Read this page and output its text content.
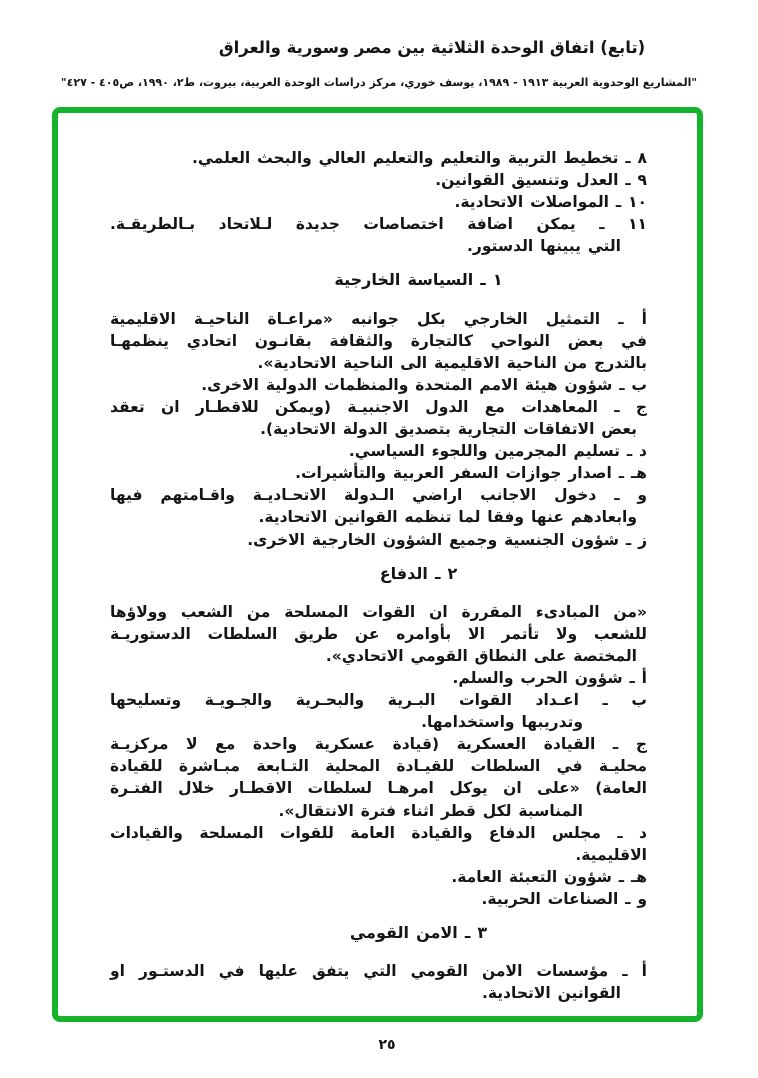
(تابع) اتفاق الوحدة الثلاثية بين مصر وسورية والعراق
"المشاريع الوحدوية العربية ١٩١٣ - ١٩٨٩، يوسف خوري، مركز دراسات الوحدة العربية، بيروت، ط٢، ١٩٩٠، ص٤٠٥ - ٤٢٧"
٨ ـ تخطيط التربية والتعليم والتعليم العالي والبحث العلمي.
٩ ـ العدل وتنسيق القوانين.
١٠ ـ المواصلات الاتحادية.
١١ ـ يمكن اضافة اختصاصات جديدة لـلاتحاد بـالطريقـة.
التي يبينها الدستور.
١ ـ السياسة الخارجية
أ ـ التمثيل الخارجي بكل جوانبه «مراعـاة الناحيـة الاقليمية
في بعض النواحي كالتجارة والثقافة بقانـون اتحادي ينظمهـا
بالتدرج من الناحية الاقليمية الى الناحية الاتحادية».
ب ـ شؤون هيئة الامم المتحدة والمنظمات الدولية الاخرى.
ج ـ المعاهدات مع الدول الاجنبيـة (ويمكن للاقطـار ان تعقد
بعض الاتفاقات التجارية بتصديق الدولة الاتحادية).
د ـ تسليم المجرمين واللجوء السياسي.
هـ ـ اصدار جوازات السفر العربية والتأشيرات.
و ـ دخول الاجانب اراضي الـدولة الاتحـاديـة واقـامتهم فيها
وابعادهم عنها وفقا لما تنظمه القوانين الاتحادية.
ز ـ شؤون الجنسية وجميع الشؤون الخارجية الاخرى.
٢ ـ الدفاع
«من المبادىء المقررة ان القوات المسلحة من الشعب وولاؤها
للشعب ولا تأتمر الا بأوامره عن طريق السلطات الدستوريـة
المختصة على النطاق القومي الاتحادي».
أ ـ شؤون الحرب والسلم.
ب ـ اعـداد القوات البـرية والبحـرية والجـويـة وتسليحها
وتدريبها واستخدامها.
ج ـ القيادة العسكرية (قيادة عسكرية واحدة مع لا مركزيـة
محليـة في السلطات للقيـادة المحلية التـابعة مبـاشرة للقيادة
العامة) «على ان يوكل امرهـا لسلطات الاقطـار خلال الفتـرة
المناسبة لكل قطر اثناء فترة الانتقال».
د ـ مجلس الدفاع والقيادة العامة للقوات المسلحة والقيادات
الاقليمية.
هـ ـ شؤون التعبئة العامة.
و ـ الصناعات الحربية.
٣ ـ الامن القومي
أ ـ مؤسسات الامن القومي التي يتفق عليها في الدستـور او
القوانين الاتحادية.
٢٥
